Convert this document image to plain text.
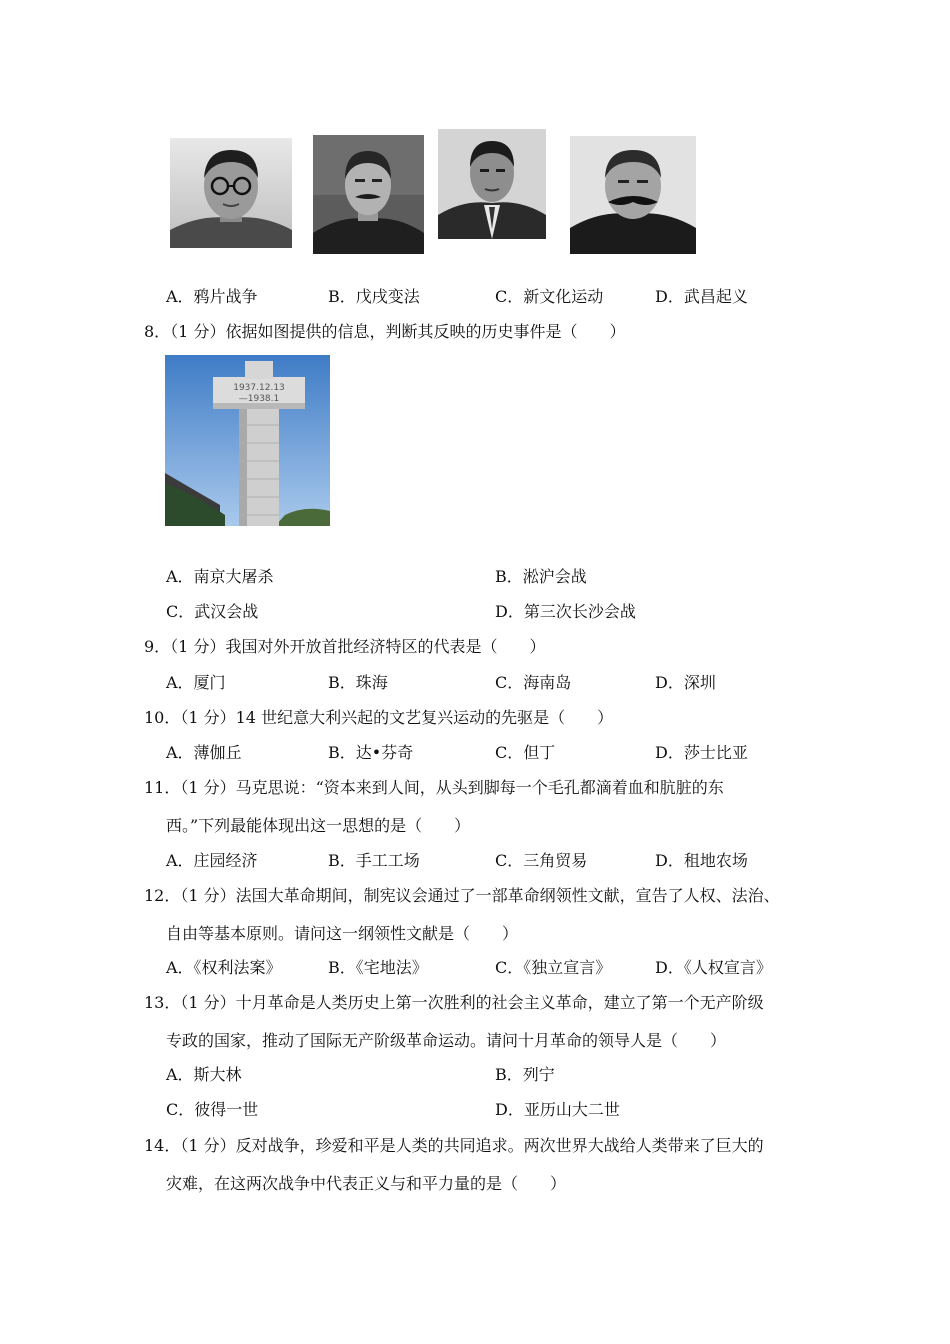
A．鸦片战争	B．戊戌变法	C．新文化运动	D．武昌起义
8．（1 分）依据如图提供的信息，判断其反映的历史事件是（　　）
1937.12.13
—1938.1
A．南京大屠杀	B．淞沪会战
C．武汉会战	D．第三次长沙会战
9．（1 分）我国对外开放首批经济特区的代表是（　　）
A．厦门	B．珠海	C．海南岛	D．深圳
10．（1 分）14 世纪意大利兴起的文艺复兴运动的先驱是（　　）
A．薄伽丘	B．达•芬奇	C．但丁	D．莎士比亚
11．（1 分）马克思说：“资本来到人间，从头到脚每一个毛孔都滴着血和肮脏的东
西。”下列最能体现出这一思想的是（　　）
A．庄园经济	B．手工工场	C．三角贸易	D．租地农场
12．（1 分）法国大革命期间，制宪议会通过了一部革命纲领性文献，宣告了人权、法治、
自由等基本原则。请问这一纲领性文献是（　　）
A．《权利法案》	B．《宅地法》	C．《独立宣言》	D．《人权宣言》
13．（1 分）十月革命是人类历史上第一次胜利的社会主义革命，建立了第一个无产阶级
专政的国家，推动了国际无产阶级革命运动。请问十月革命的领导人是（　　）
A．斯大林	B．列宁
C．彼得一世	D．亚历山大二世
14．（1 分）反对战争，珍爱和平是人类的共同追求。两次世界大战给人类带来了巨大的
灾难，在这两次战争中代表正义与和平力量的是（　　）
